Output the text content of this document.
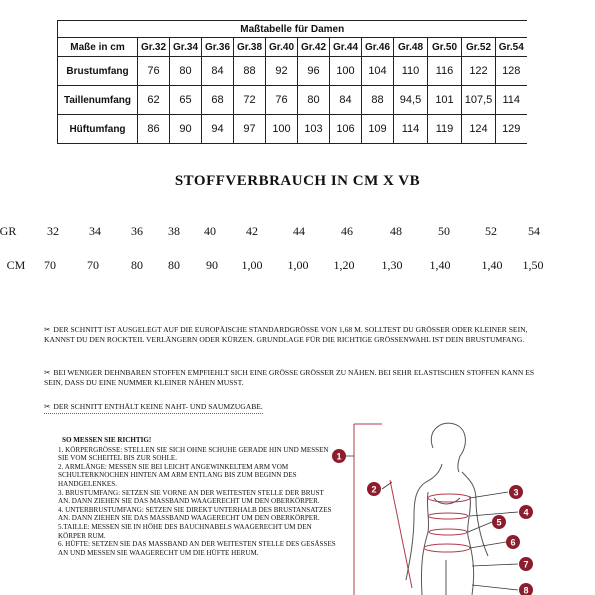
Maßtabelle für Damen												
Maße in cm	Gr.32	Gr.34	Gr.36	Gr.38	Gr.40	Gr.42	Gr.44	Gr.46	Gr.48	Gr.50	Gr.52	Gr.54
Brustumfang	76	80	84	88	92	96	100	104	110	116	122	128
Taillenumfang	62	65	68	72	76	80	84	88	94,5	101	107,5	114
Hüftumfang	86	90	94	97	100	103	106	109	114	119	124	129
STOFFVERBRAUCH IN CM X VB
GR	32	34	36 38 40	42	44	46	48	50	52	54
CM 70	70	80 80 90 1,00 1,00 1,20 1,30 1,40	1,40 1,50
✂ DER SCHNITT IST AUSGELEGT AUF DIE EUROPÄISCHE STANDARDGRÖSSE VON 1,68 M. SOLLTEST DU GRÖSSER ODER KLEINER SEIN, KANNST DU DEN ROCKTEIL VERLÄNGERN ODER KÜRZEN. GRUNDLAGE FÜR DIE RICHTIGE GRÖSSENWAHL IST DEIN BRUSTUMFANG.
✂ BEI WENIGER DEHNBAREN STOFFEN EMPFIEHLT SICH EINE GRÖSSE GRÖSSER ZU NÄHEN. BEI SEHR ELASTISCHEN STOFFEN KANN ES SEIN, DASS DU EINE NUMMER KLEINER NÄHEN MUSST.
✂ DER SCHNITT ENTHÄLT KEINE NAHT- UND SAUMZUGABE.
SO MESSEN SIE RICHTIG!

1. KÖRPERGRÖSSE: STELLEN SIE SICH OHNE SCHUHE GERADE HIN UND MESSEN SIE VOM SCHEITEL BIS ZUR SOHLE.

2. ARMLÄNGE: MESSEN SIE BEI LEICHT ANGEWINKELTEM ARM VOM SCHULTERKNOCHEN HINTEN AM ARM ENTLANG BIS ZUM BEGINN DES HANDGELENKES.

3. BRUSTUMFANG: SETZEN SIE VORNE AN DER WEITESTEN STELLE DER BRUST AN. DANN ZIEHEN SIE DAS MASSBAND WAAGERECHT UM DEN OBERKÖRPER.

4. UNTERBRUSTUMFANG: SETZEN SIE DIREKT UNTERHALB DES BRUSTANSATZES AN. DANN ZIEHEN SIE DAS MASSBAND WAAGERECHT UM DEN OBERKÖRPER.

5.TAILLE: MESSEN SIE IN HÖHE DES BAUCHNABELS WAAGERECHT UM DEN KÖRPER RUM.

6. HÜFTE: SETZEN SIE DAS MASSBAND AN DER WEITESTEN STELLE DES GESÄSSES AN UND MESSEN SIE WAAGERECHT UM DIE HÜFTE HERUM.

1
2	3
4
5
6
7
8
